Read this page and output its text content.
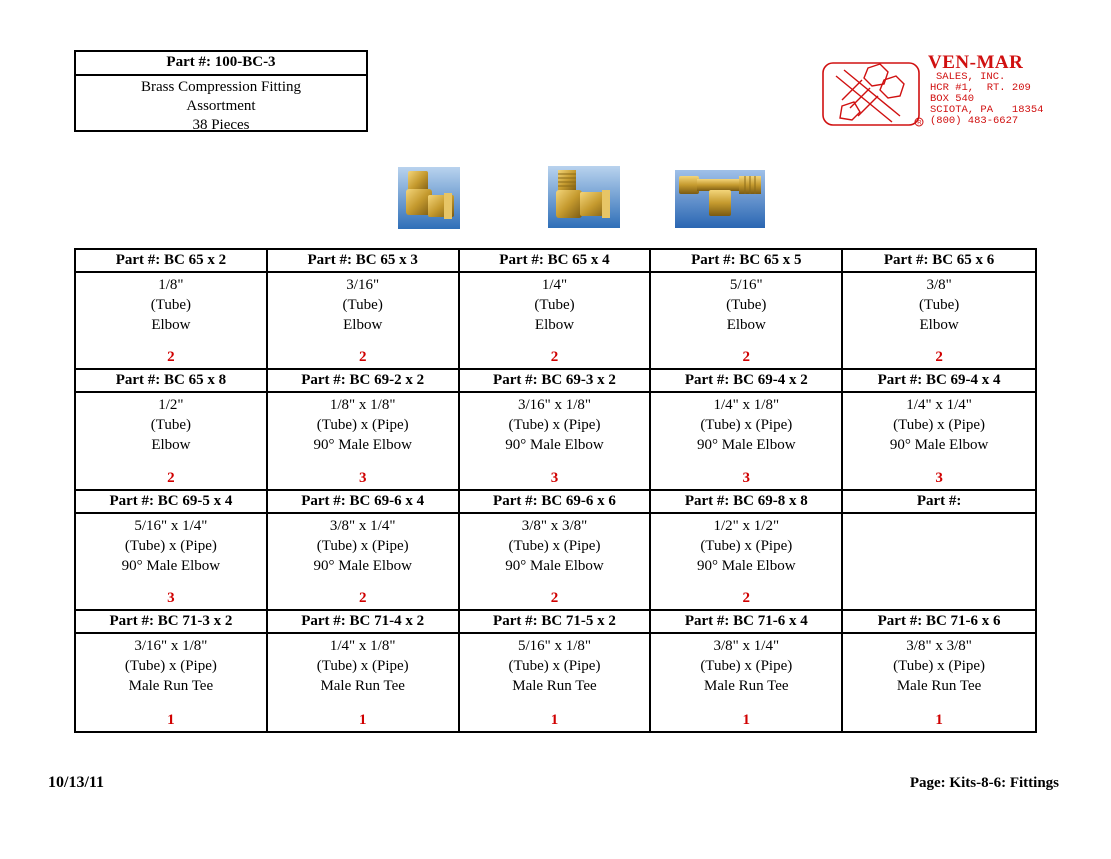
Part #: 100-BC-3
Brass Compression Fitting
Assortment
38 Pieces	R
VEN-MAR
SALES, INC.
HCR #1,  RT. 209
BOX 540
SCIOTA, PA   18354
(800) 483-6627
Part #: BC 65 x 2
1/8"
(Tube)
Elbow
2
Part #: BC 65 x 3
3/16"
(Tube)
Elbow
2
Part #: BC 65 x 4
1/4"
(Tube)
Elbow
2
Part #: BC 65 x 5
5/16"
(Tube)
Elbow
2
Part #: BC 65 x 6
3/8"
(Tube)
Elbow
2
Part #: BC 65 x 8
1/2"
(Tube)
Elbow
2
Part #: BC 69-2 x 2
1/8" x 1/8"
(Tube) x (Pipe)
90° Male Elbow
3
Part #: BC 69-3 x 2
3/16" x 1/8"
(Tube) x (Pipe)
90° Male Elbow
3
Part #: BC 69-4 x 2
1/4" x 1/8"
(Tube) x (Pipe)
90° Male Elbow
3
Part #: BC 69-4 x 4
1/4" x 1/4"
(Tube) x (Pipe)
90° Male Elbow
3
Part #: BC 69-5 x 4
5/16" x 1/4"
(Tube) x (Pipe)
90° Male Elbow
3
Part #: BC 69-6 x 4
3/8" x 1/4"
(Tube) x (Pipe)
90° Male Elbow
2
Part #: BC 69-6 x 6
3/8" x 3/8"
(Tube) x (Pipe)
90° Male Elbow
2
Part #: BC 69-8 x 8
1/2" x 1/2"
(Tube) x (Pipe)
90° Male Elbow
2
Part #:
Part #: BC 71-3 x 2
3/16" x 1/8"
(Tube) x (Pipe)
Male Run Tee
1
Part #: BC 71-4 x 2
1/4" x 1/8"
(Tube) x (Pipe)
Male Run Tee
1
Part #: BC 71-5 x 2
5/16" x 1/8"
(Tube) x (Pipe)
Male Run Tee
1
Part #: BC 71-6 x 4
3/8" x 1/4"
(Tube) x (Pipe)
Male Run Tee
1
Part #: BC 71-6 x 6
3/8" x 3/8"
(Tube) x (Pipe)
Male Run Tee
1
10/13/11	Page: Kits-8-6: Fittings
